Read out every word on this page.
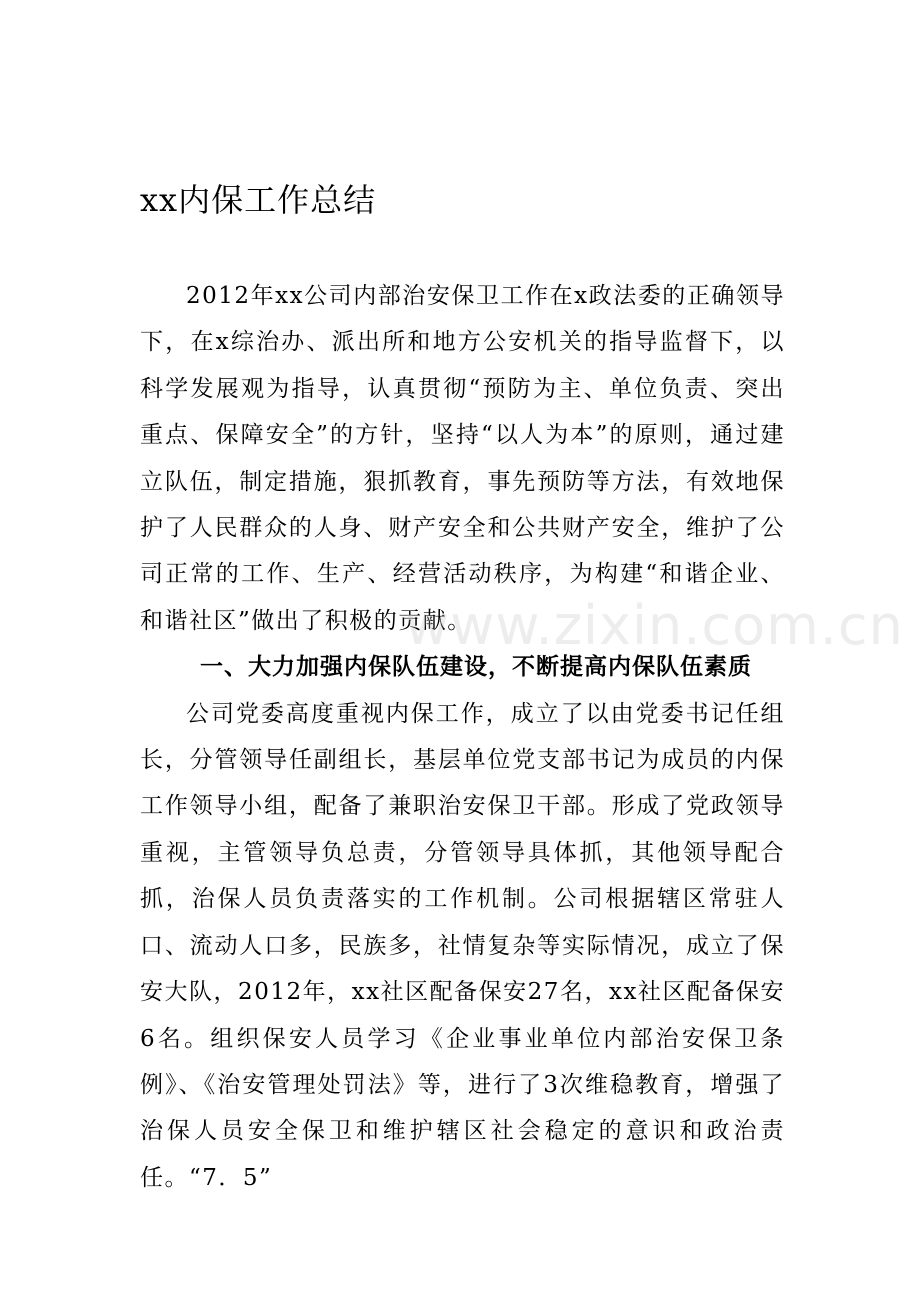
xx内保工作总结

2012年xx公司内部治安保卫工作在x政法委的正确领导下，在x综治办、派出所和地方公安机关的指导监督下，以科学发展观为指导，认真贯彻“预防为主、单位负责、突出重点、保障安全”的方针，坚持“以人为本”的原则，通过建立队伍，制定措施，狠抓教育，事先预防等方法，有效地保护了人民群众的人身、财产安全和公共财产安全，维护了公司正常的工作、生产、经营活动秩序，为构建“和谐企业、和谐社区”做出了积极的贡献。

一、大力加强内保队伍建设，不断提高内保队伍素质

公司党委高度重视内保工作，成立了以由党委书记任组长，分管领导任副组长，基层单位党支部书记为成员的内保工作领导小组，配备了兼职治安保卫干部。形成了党政领导重视，主管领导负总责，分管领导具体抓，其他领导配合抓，治保人员负责落实的工作机制。公司根据辖区常驻人口、流动人口多，民族多，社情复杂等实际情况，成立了保安大队，2012年，xx社区配备保安27名，xx社区配备保安6名。组织保安人员学习《企业事业单位内部治安保卫条例》、《治安管理处罚法》等，进行了3次维稳教育，增强了治保人员安全保卫和维护辖区社会稳定的意识和政治责任。“7．5”

www.zixin.com.cn
